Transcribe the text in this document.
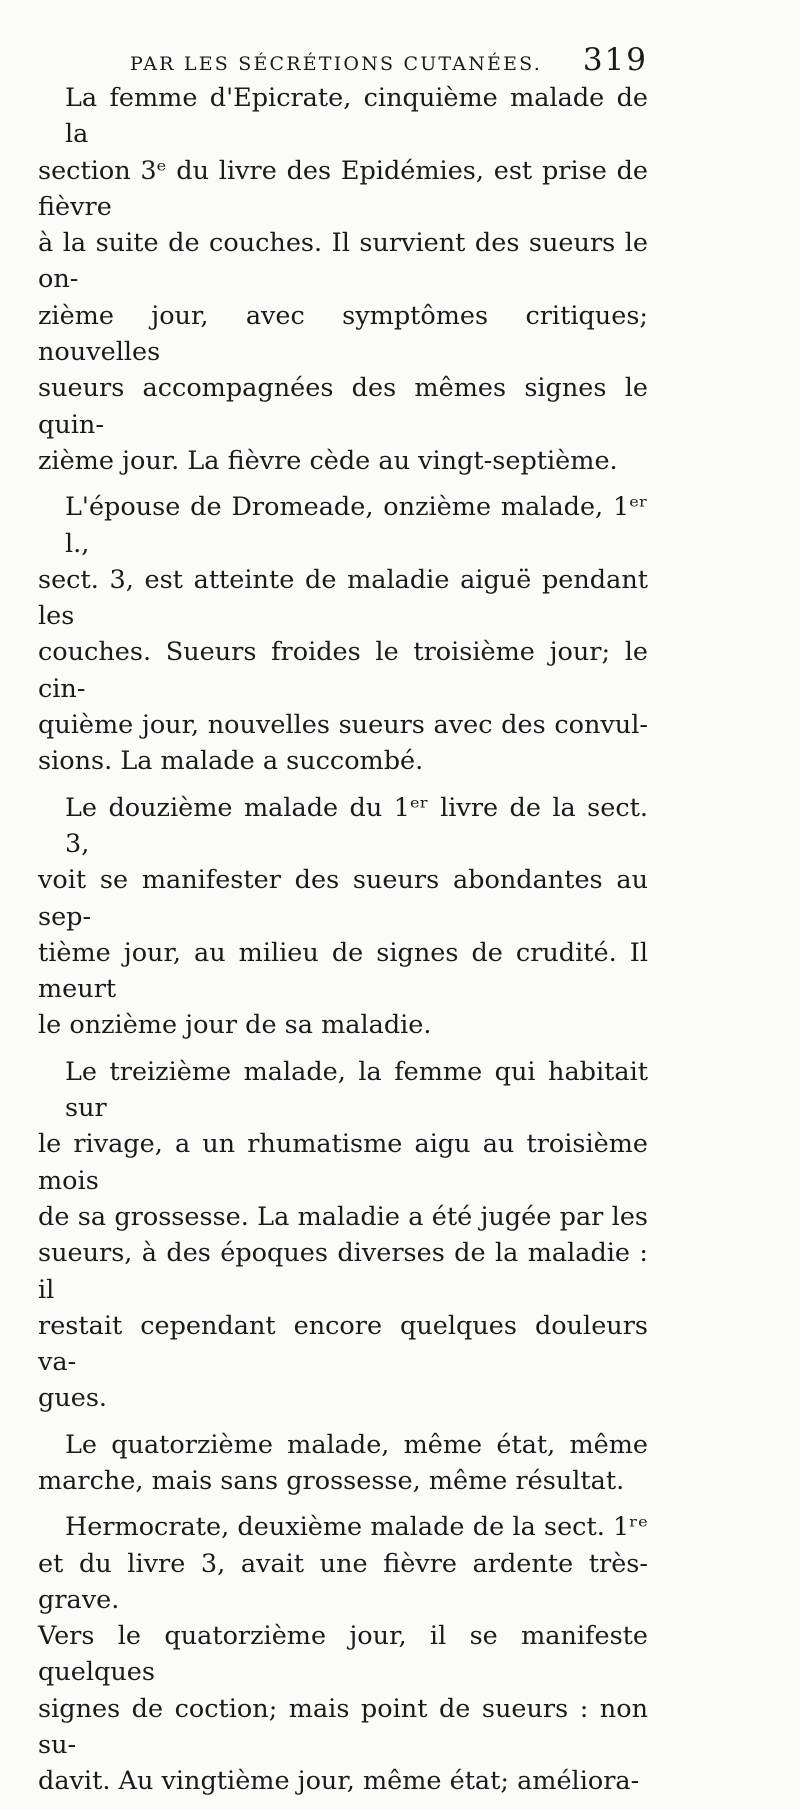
PAR LES SÉCRÉTIONS CUTANÉES. 319

La femme d'Epicrate, cinquième malade de la
section 3ᵉ du livre des Epidémies, est prise de fièvre
à la suite de couches. Il survient des sueurs le on-
zième jour, avec symptômes critiques; nouvelles
sueurs accompagnées des mêmes signes le quin-
zième jour. La fièvre cède au vingt-septième.

L'épouse de Dromeade, onzième malade, 1ᵉʳ l.,
sect. 3, est atteinte de maladie aiguë pendant les
couches. Sueurs froides le troisième jour; le cin-
quième jour, nouvelles sueurs avec des convul-
sions. La malade a succombé.

Le douzième malade du 1ᵉʳ livre de la sect. 3,
voit se manifester des sueurs abondantes au sep-
tième jour, au milieu de signes de crudité. Il meurt
le onzième jour de sa maladie.

Le treizième malade, la femme qui habitait sur
le rivage, a un rhumatisme aigu au troisième mois
de sa grossesse. La maladie a été jugée par les
sueurs, à des époques diverses de la maladie : il
restait cependant encore quelques douleurs va-
gues.

Le quatorzième malade, même état, même
marche, mais sans grossesse, même résultat.

Hermocrate, deuxième malade de la sect. 1ʳᵉ
et du livre 3, avait une fièvre ardente très-grave.
Vers le quatorzième jour, il se manifeste quelques
signes de coction; mais point de sueurs : non su-
davit. Au vingtième jour, même état; améliora-
